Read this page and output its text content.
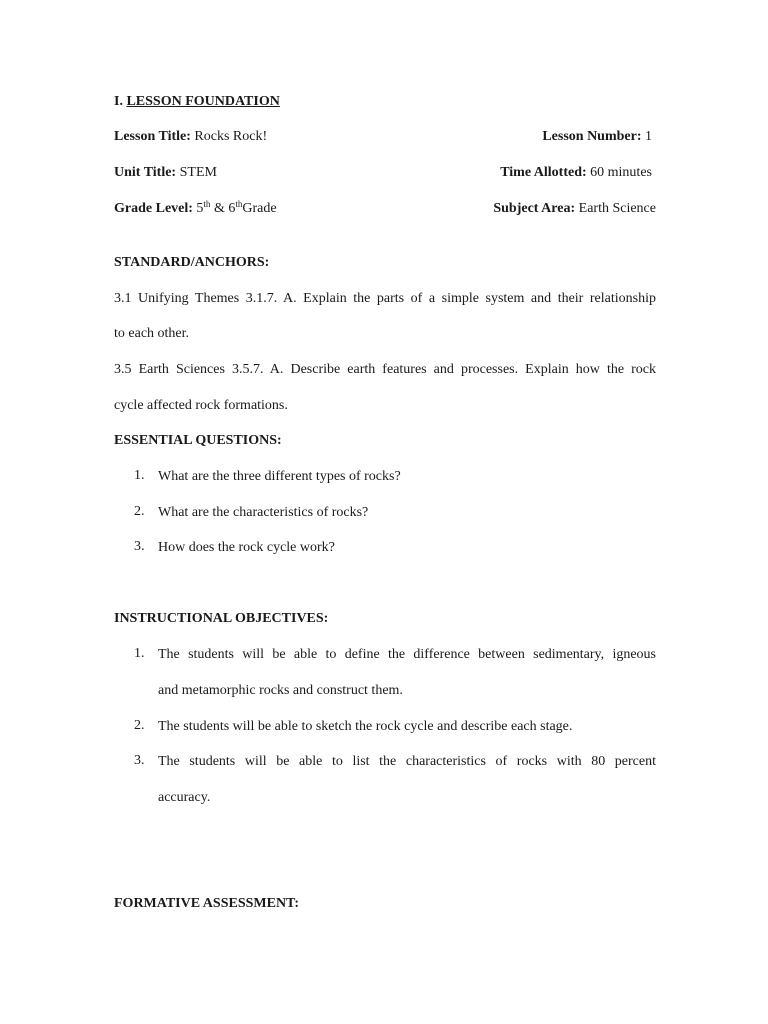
I. LESSON FOUNDATION
Lesson Title: Rocks Rock!	Lesson Number: 1
Unit Title: STEM	Time Allotted: 60 minutes
Grade Level: 5th & 6thGrade	Subject Area: Earth Science
STANDARD/ANCHORS:
3.1 Unifying Themes 3.1.7. A. Explain the parts of a simple system and their relationship
to each other.
3.5 Earth Sciences 3.5.7. A. Describe earth features and processes. Explain how the rock
cycle affected rock formations.
ESSENTIAL QUESTIONS:
1. What are the three different types of rocks?
2. What are the characteristics of rocks?
3. How does the rock cycle work?
INSTRUCTIONAL OBJECTIVES:
1. The students will be able to define the difference between sedimentary, igneous
and metamorphic rocks and construct them.
2. The students will be able to sketch the rock cycle and describe each stage.
3. The students will be able to list the characteristics of rocks with 80 percent
accuracy.
FORMATIVE ASSESSMENT:
